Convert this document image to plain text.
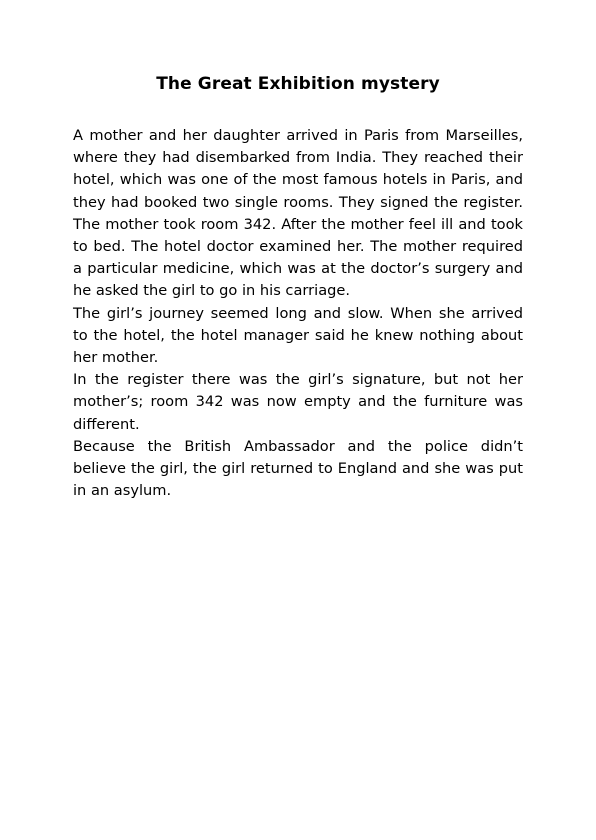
The Great Exhibition mystery

A mother and her daughter arrived in Paris from Marseilles, where they had disembarked from India. They reached their hotel, which was one of the most famous hotels in Paris, and they had booked two single rooms. They signed the register. The mother took room 342. After the mother feel ill and took to bed. The hotel doctor examined her. The mother required a particular medicine, which was at the doctor’s surgery and he asked the girl to go in his carriage.

The girl’s journey seemed long and slow. When she arrived to the hotel, the hotel manager said he knew nothing about her mother.

In the register there was the girl’s signature, but not her mother’s; room 342 was now empty and the furniture was different.

Because the British Ambassador and the police didn’t believe the girl, the girl returned to England and she was put in an asylum.
